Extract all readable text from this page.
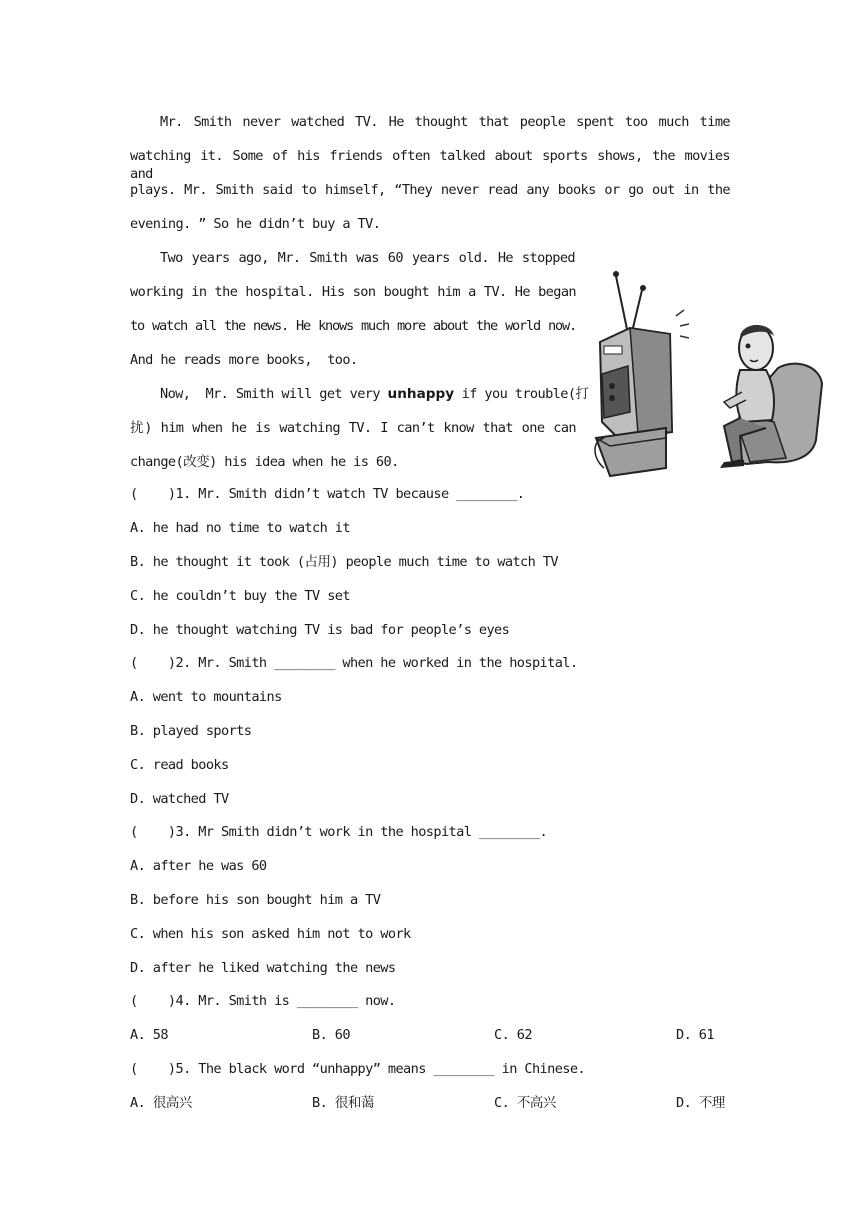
Mr. Smith never watched TV. He thought that people spent too much time
watching it. Some of his friends often talked about sports shows, the movies and
plays. Mr. Smith said to himself, “They never read any books or go out in the
evening. ” So he didn’t buy a TV.
Two years ago, Mr. Smith was 60 years old. He stopped
working in the hospital. His son bought him a TV. He began
to watch all the news. He knows much more about the world now.
And he reads more books,  too.
Now,  Mr. Smith will get very unhappy if you trouble(打
扰) him when he is watching TV. I can’t know that one can
change(改变) his idea when he is 60.
(    )1. Mr. Smith didn’t watch TV because ________.
A. he had no time to watch it
B. he thought it took (占用) people much time to watch TV
C. he couldn’t buy the TV set
D. he thought watching TV is bad for people’s eyes
(    )2. Mr. Smith ________ when he worked in the hospital.
A. went to mountains
B. played sports
C. read books
D. watched TV
(    )3. Mr Smith didn’t work in the hospital ________.
A. after he was 60
B. before his son bought him a TV
C. when his son asked him not to work
D. after he liked watching the news
(    )4. Mr. Smith is ________ now.
A. 58	B. 60	C. 62	D. 61
(    )5. The black word “unhappy” means ________ in Chinese.
A. 很高兴	B. 很和蔼	C. 不高兴	D. 不理
